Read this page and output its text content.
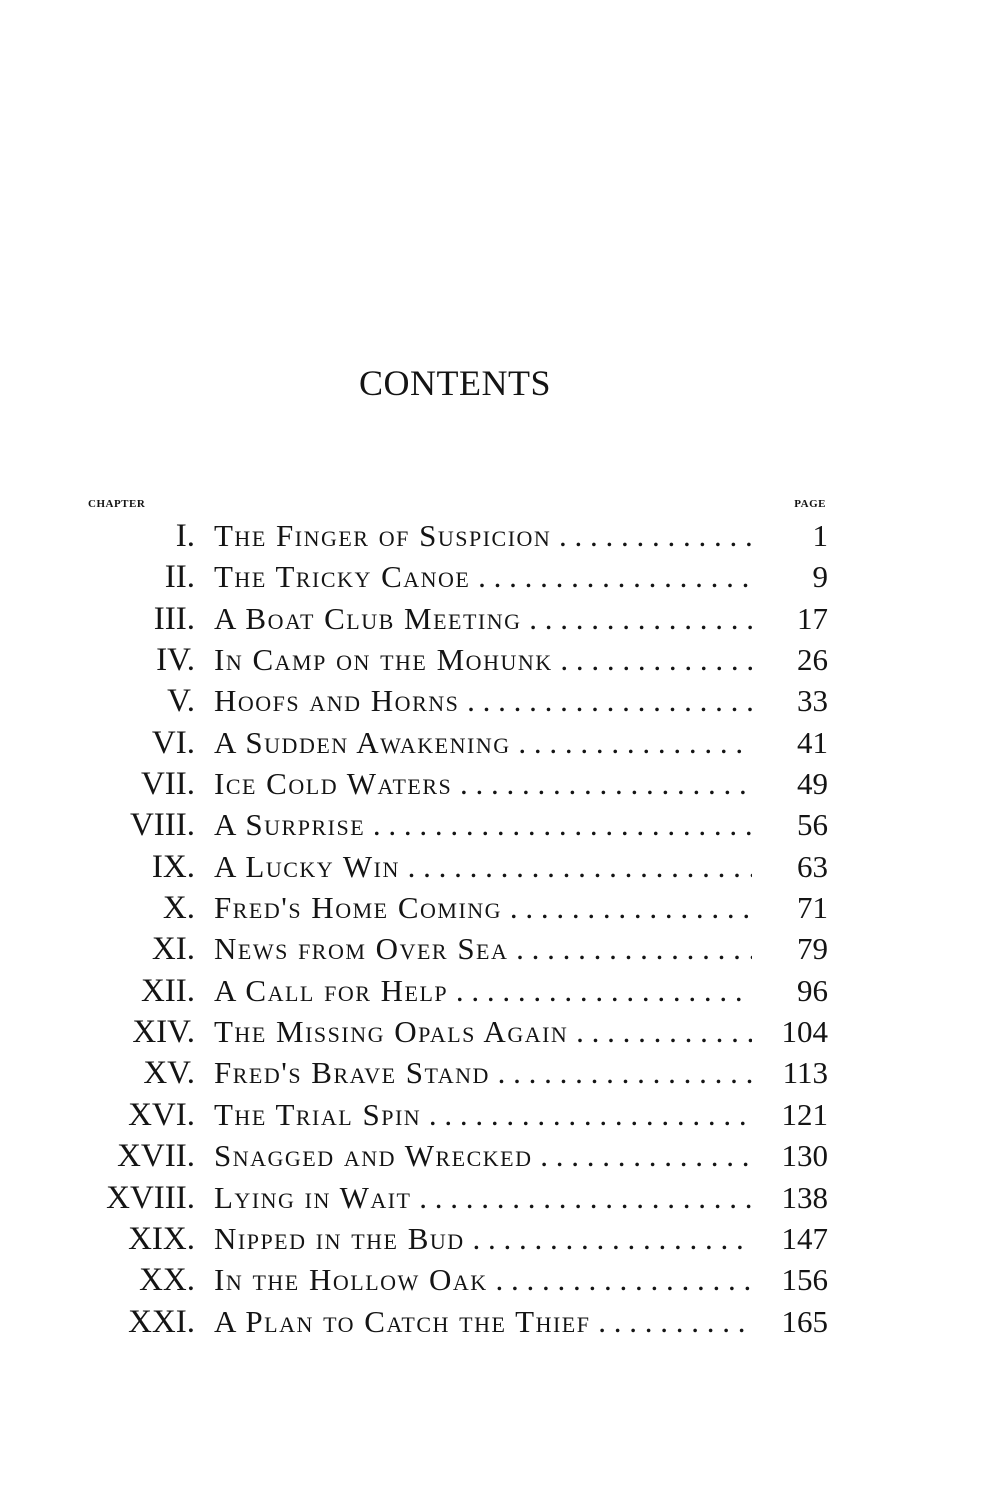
CONTENTS
CHAPTER	PAGE
I. The Finger of Suspicion . . .	1
II. The Tricky Canoe . . .	9
III. A Boat Club Meeting . . .	17
IV. In Camp on the Mohunk . . .	26
V. Hoofs and Horns . . .	33
VI. A Sudden Awakening . . .	41
VII. Ice Cold Waters . . .	49
VIII. A Surprise . . .	56
IX. A Lucky Win . . .	63
X. Fred's Home Coming . . .	71
XI. News from Over Sea . . .	79
XII. A Call for Help . . .	96
XIV. The Missing Opals Again . . .	104
XV. Fred's Brave Stand . . .	113
XVI. The Trial Spin . . .	121
XVII. Snagged and Wrecked . . .	130
XVIII. Lying in Wait . . .	138
XIX. Nipped in the Bud . . .	147
XX. In the Hollow Oak . . .	156
XXI. A Plan to Catch the Thief . . .	165
